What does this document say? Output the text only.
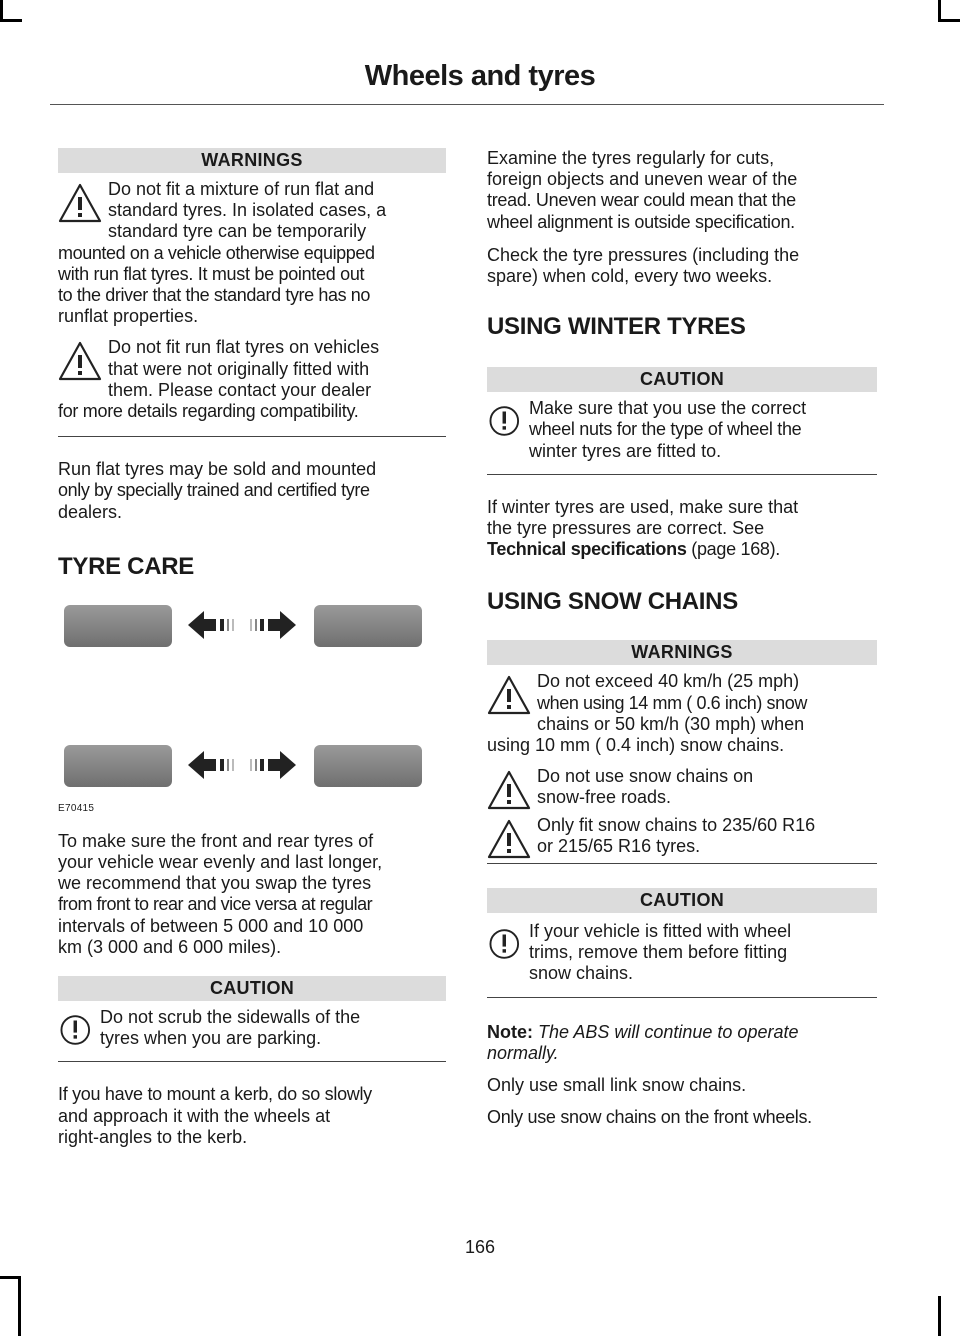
Wheels and tyres
WARNINGS
Do not fit a mixture of run flat and
standard tyres. In isolated cases, a
standard tyre can be temporarily
mounted on a vehicle otherwise equipped
with run flat tyres. It must be pointed out
to the driver that the standard tyre has no
runflat properties.
Do not fit run flat tyres on vehicles
that were not originally fitted with
them. Please contact your dealer
for more details regarding compatibility.
Run flat tyres may be sold and mounted
only by specially trained and certified tyre
dealers.
TYRE CARE
E70415
To make sure the front and rear tyres of
your vehicle wear evenly and last longer,
we recommend that you swap the tyres
from front to rear and vice versa at regular
intervals of between 5 000 and 10 000
km (3 000 and 6 000 miles).
CAUTION
Do not scrub the sidewalls of the
tyres when you are parking.
If you have to mount a kerb, do so slowly
and approach it with the wheels at
right-angles to the kerb.
Examine the tyres regularly for cuts,
foreign objects and uneven wear of the
tread. Uneven wear could mean that the
wheel alignment is outside specification.
Check the tyre pressures (including the
spare) when cold, every two weeks.
USING WINTER TYRES
CAUTION
Make sure that you use the correct
wheel nuts for the type of wheel the
winter tyres are fitted to.
If winter tyres are used, make sure that
the tyre pressures are correct. See
Technical specifications (page 168).
USING SNOW CHAINS
WARNINGS
Do not exceed 40 km/h (25 mph)
when using 14 mm ( 0.6 inch) snow
chains or 50 km/h (30 mph) when
using 10 mm ( 0.4 inch) snow chains.
Do not use snow chains on
snow-free roads.
Only fit snow chains to 235/60 R16
or 215/65 R16 tyres.
CAUTION
If your vehicle is fitted with wheel
trims, remove them before fitting
snow chains.
Note: The ABS will continue to operate
normally.
Only use small link snow chains.
Only use snow chains on the front wheels.
166
